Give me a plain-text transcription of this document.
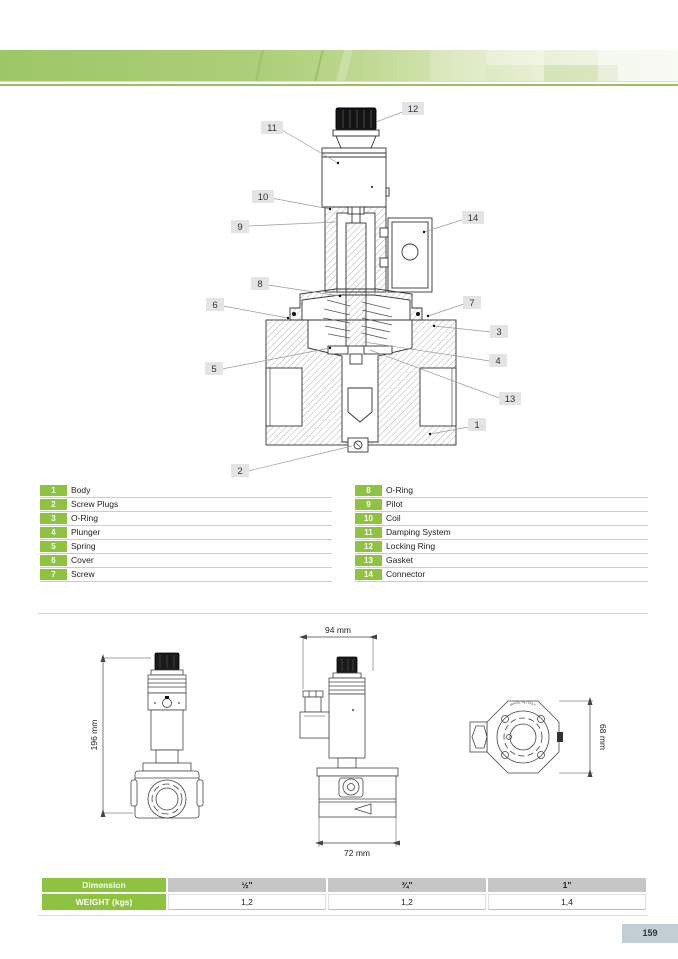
1
2
3
4
5
6	7
8
9
10
11
12
13
14
1	Body
2	Screw Plugs
3	O-Ring
4	Plunger
5	Spring
6	Cover
7	Screw
8	O-Ring
9	Pilot
10	Coil
11	Damping System
12	Locking Ring
13	Gasket
14	Connector
196 mm
94 mm
72 mm
MADE IN ITALY
68 mm
Dimension	½"	¾"	1"
WEIGHT (kgs)	1,2	1,2	1,4
159
